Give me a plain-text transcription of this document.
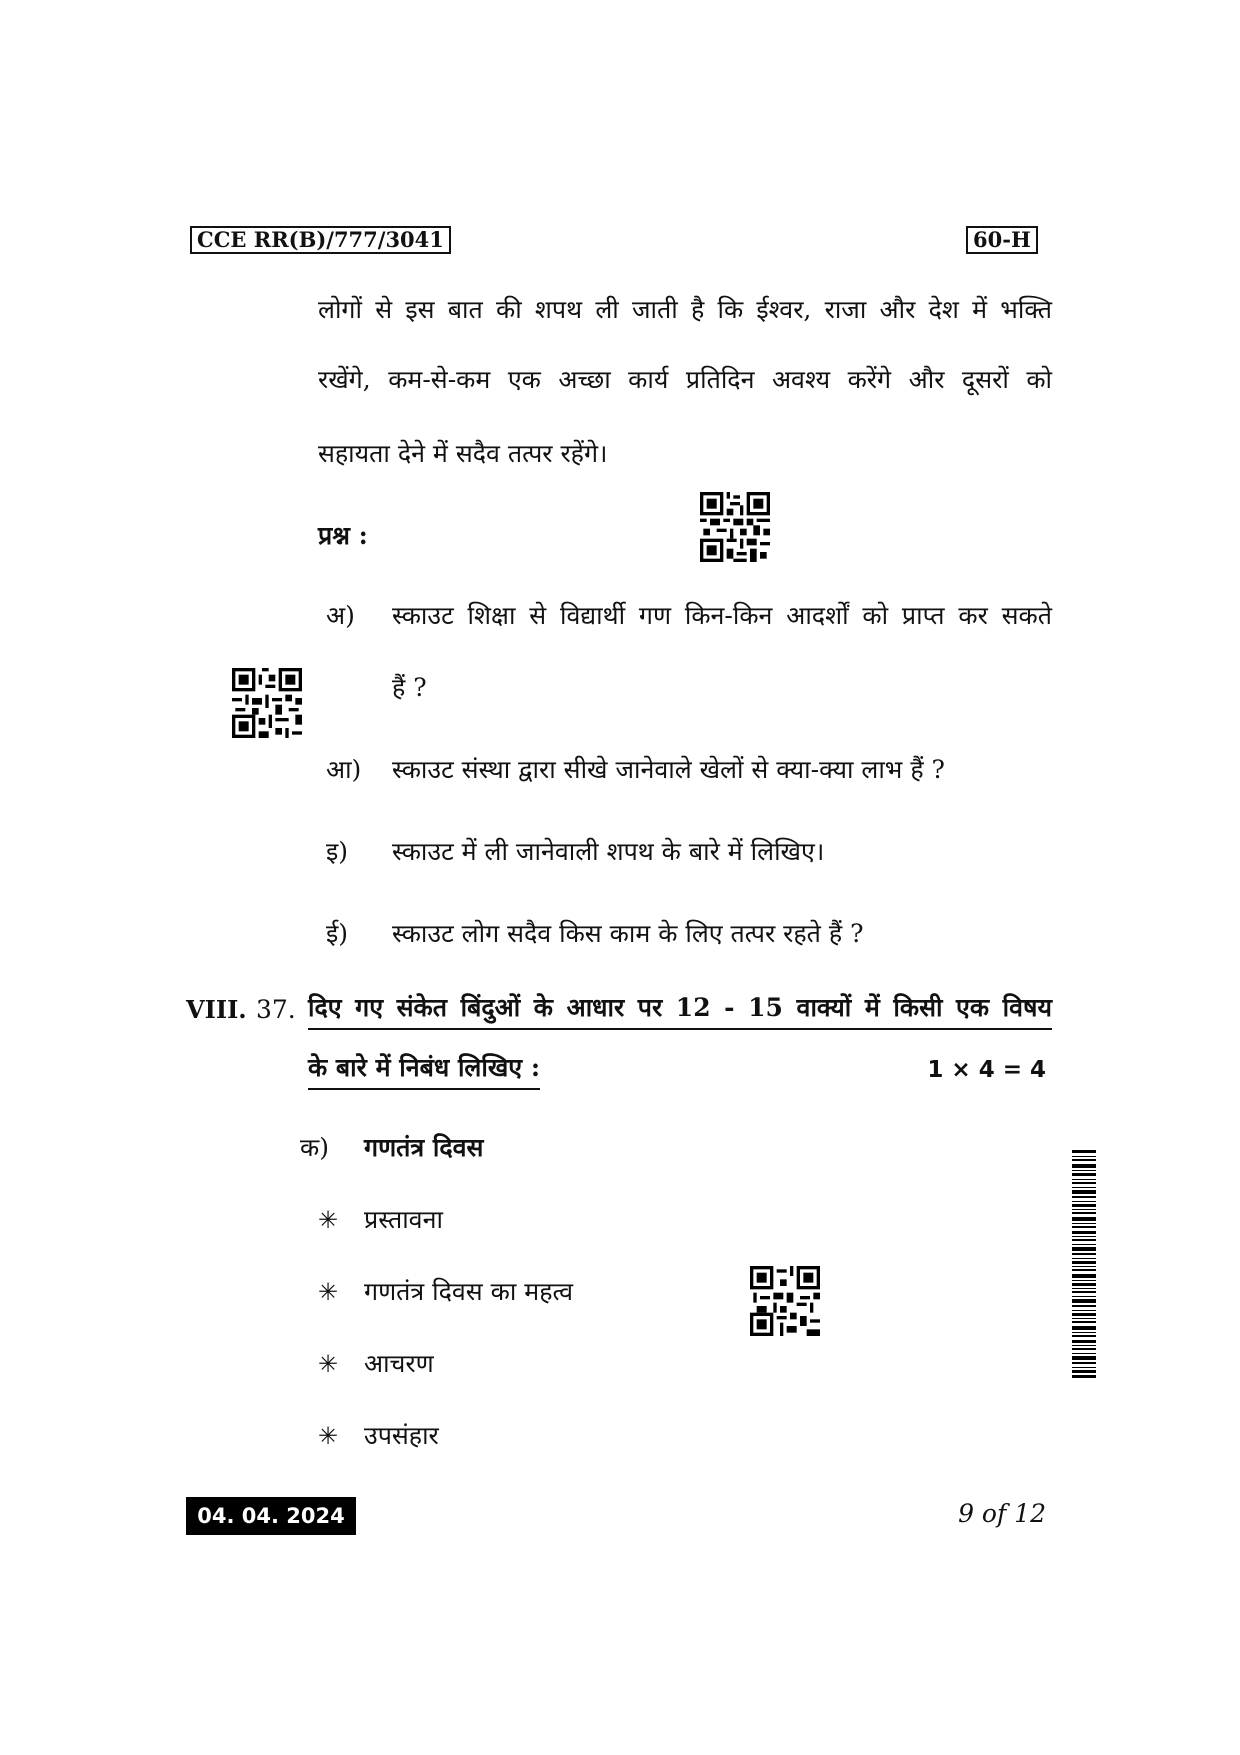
CCE RR(B)/777/3041	60-H
लोगों से इस बात की शपथ ली जाती है कि ईश्वर, राजा और देश में भक्ति
रखेंगे, कम-से-कम एक अच्छा कार्य प्रतिदिन अवश्य करेंगे और दूसरों को
सहायता देने में सदैव तत्पर रहेंगे।
प्रश्न :
अ) स्काउट शिक्षा से विद्यार्थी गण किन-किन आदर्शों को प्राप्त कर सकते
हैं ?
आ) स्काउट संस्था द्वारा सीखे जानेवाले खेलों से क्या-क्या लाभ हैं ?
इ) स्काउट में ली जानेवाली शपथ के बारे में लिखिए।
ई) स्काउट लोग सदैव किस काम के लिए तत्पर रहते हैं ?
VIII. 37. दिए गए संकेत बिंदुओं के आधार पर 12 - 15 वाक्यों में किसी एक विषय
के बारे में निबंध लिखिए :	1 × 4 = 4
क) गणतंत्र दिवस
✳ प्रस्तावना
✳ गणतंत्र दिवस का महत्व
✳ आचरण
✳ उपसंहार
04. 04. 2024	9 of 12
